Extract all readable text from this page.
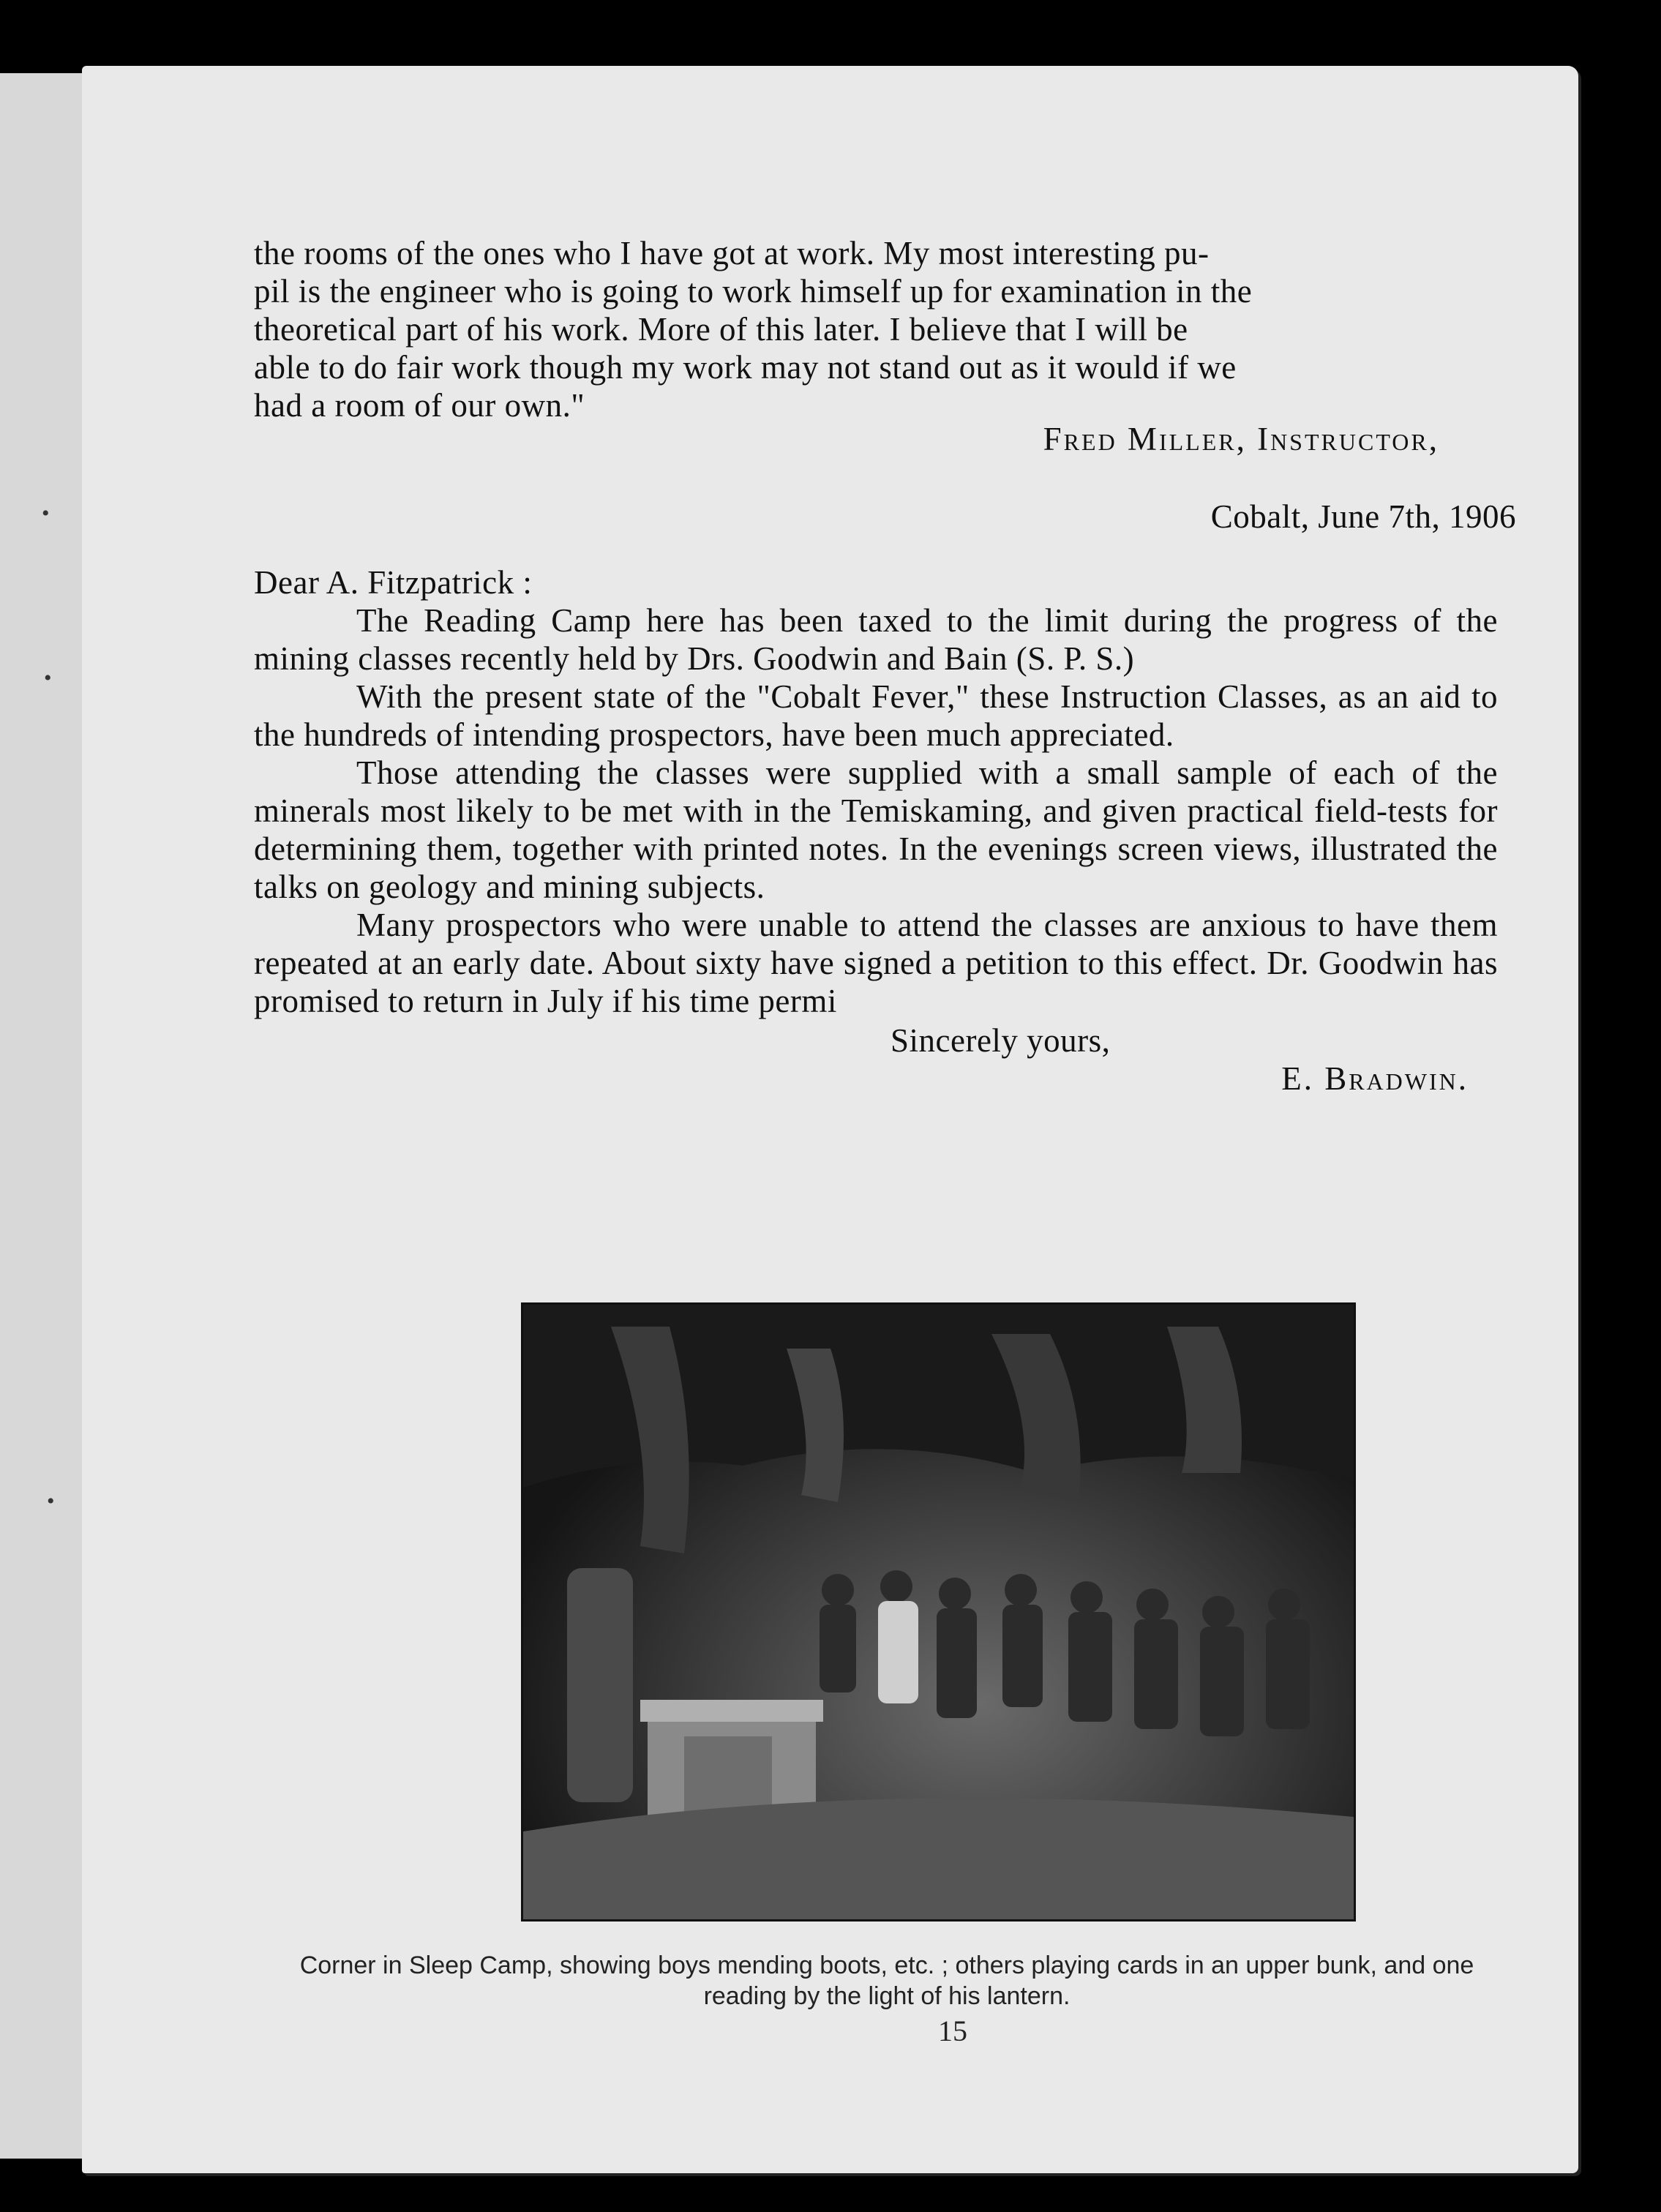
•
•
•

the rooms of the ones who I have got at work. My most interesting pu-

pil is the engineer who is going to work himself up for examination in the

theoretical part of his work. More of this later. I believe that I will be

able to do fair work though my work may not stand out as it would if we

had a room of our own."

Fred Miller, Instructor,

Cobalt, June 7th, 1906

Dear A. Fitzpatrick :

The Reading Camp here has been taxed to the limit during the progress of the mining classes recently held by Drs. Goodwin and Bain (S. P. S.)

With the present state of the "Cobalt Fever," these Instruction Classes, as an aid to the hundreds of intending prospectors, have been much appreciated.

Those attending the classes were supplied with a small sample of each of the minerals most likely to be met with in the Temiskaming, and given practical field-tests for determining them, together with printed notes. In the evenings screen views, illustrated the talks on geology and mining subjects.

Many prospectors who were unable to attend the classes are anxious to have them repeated at an early date. About sixty have signed a petition to this effect. Dr. Goodwin has promised to return in July if his time permi

Sincerely yours,

E. Bradwin.

Corner in Sleep Camp, showing boys mending boots, etc. ; others playing cards in an upper bunk, and one reading by the light of his lantern.
15
